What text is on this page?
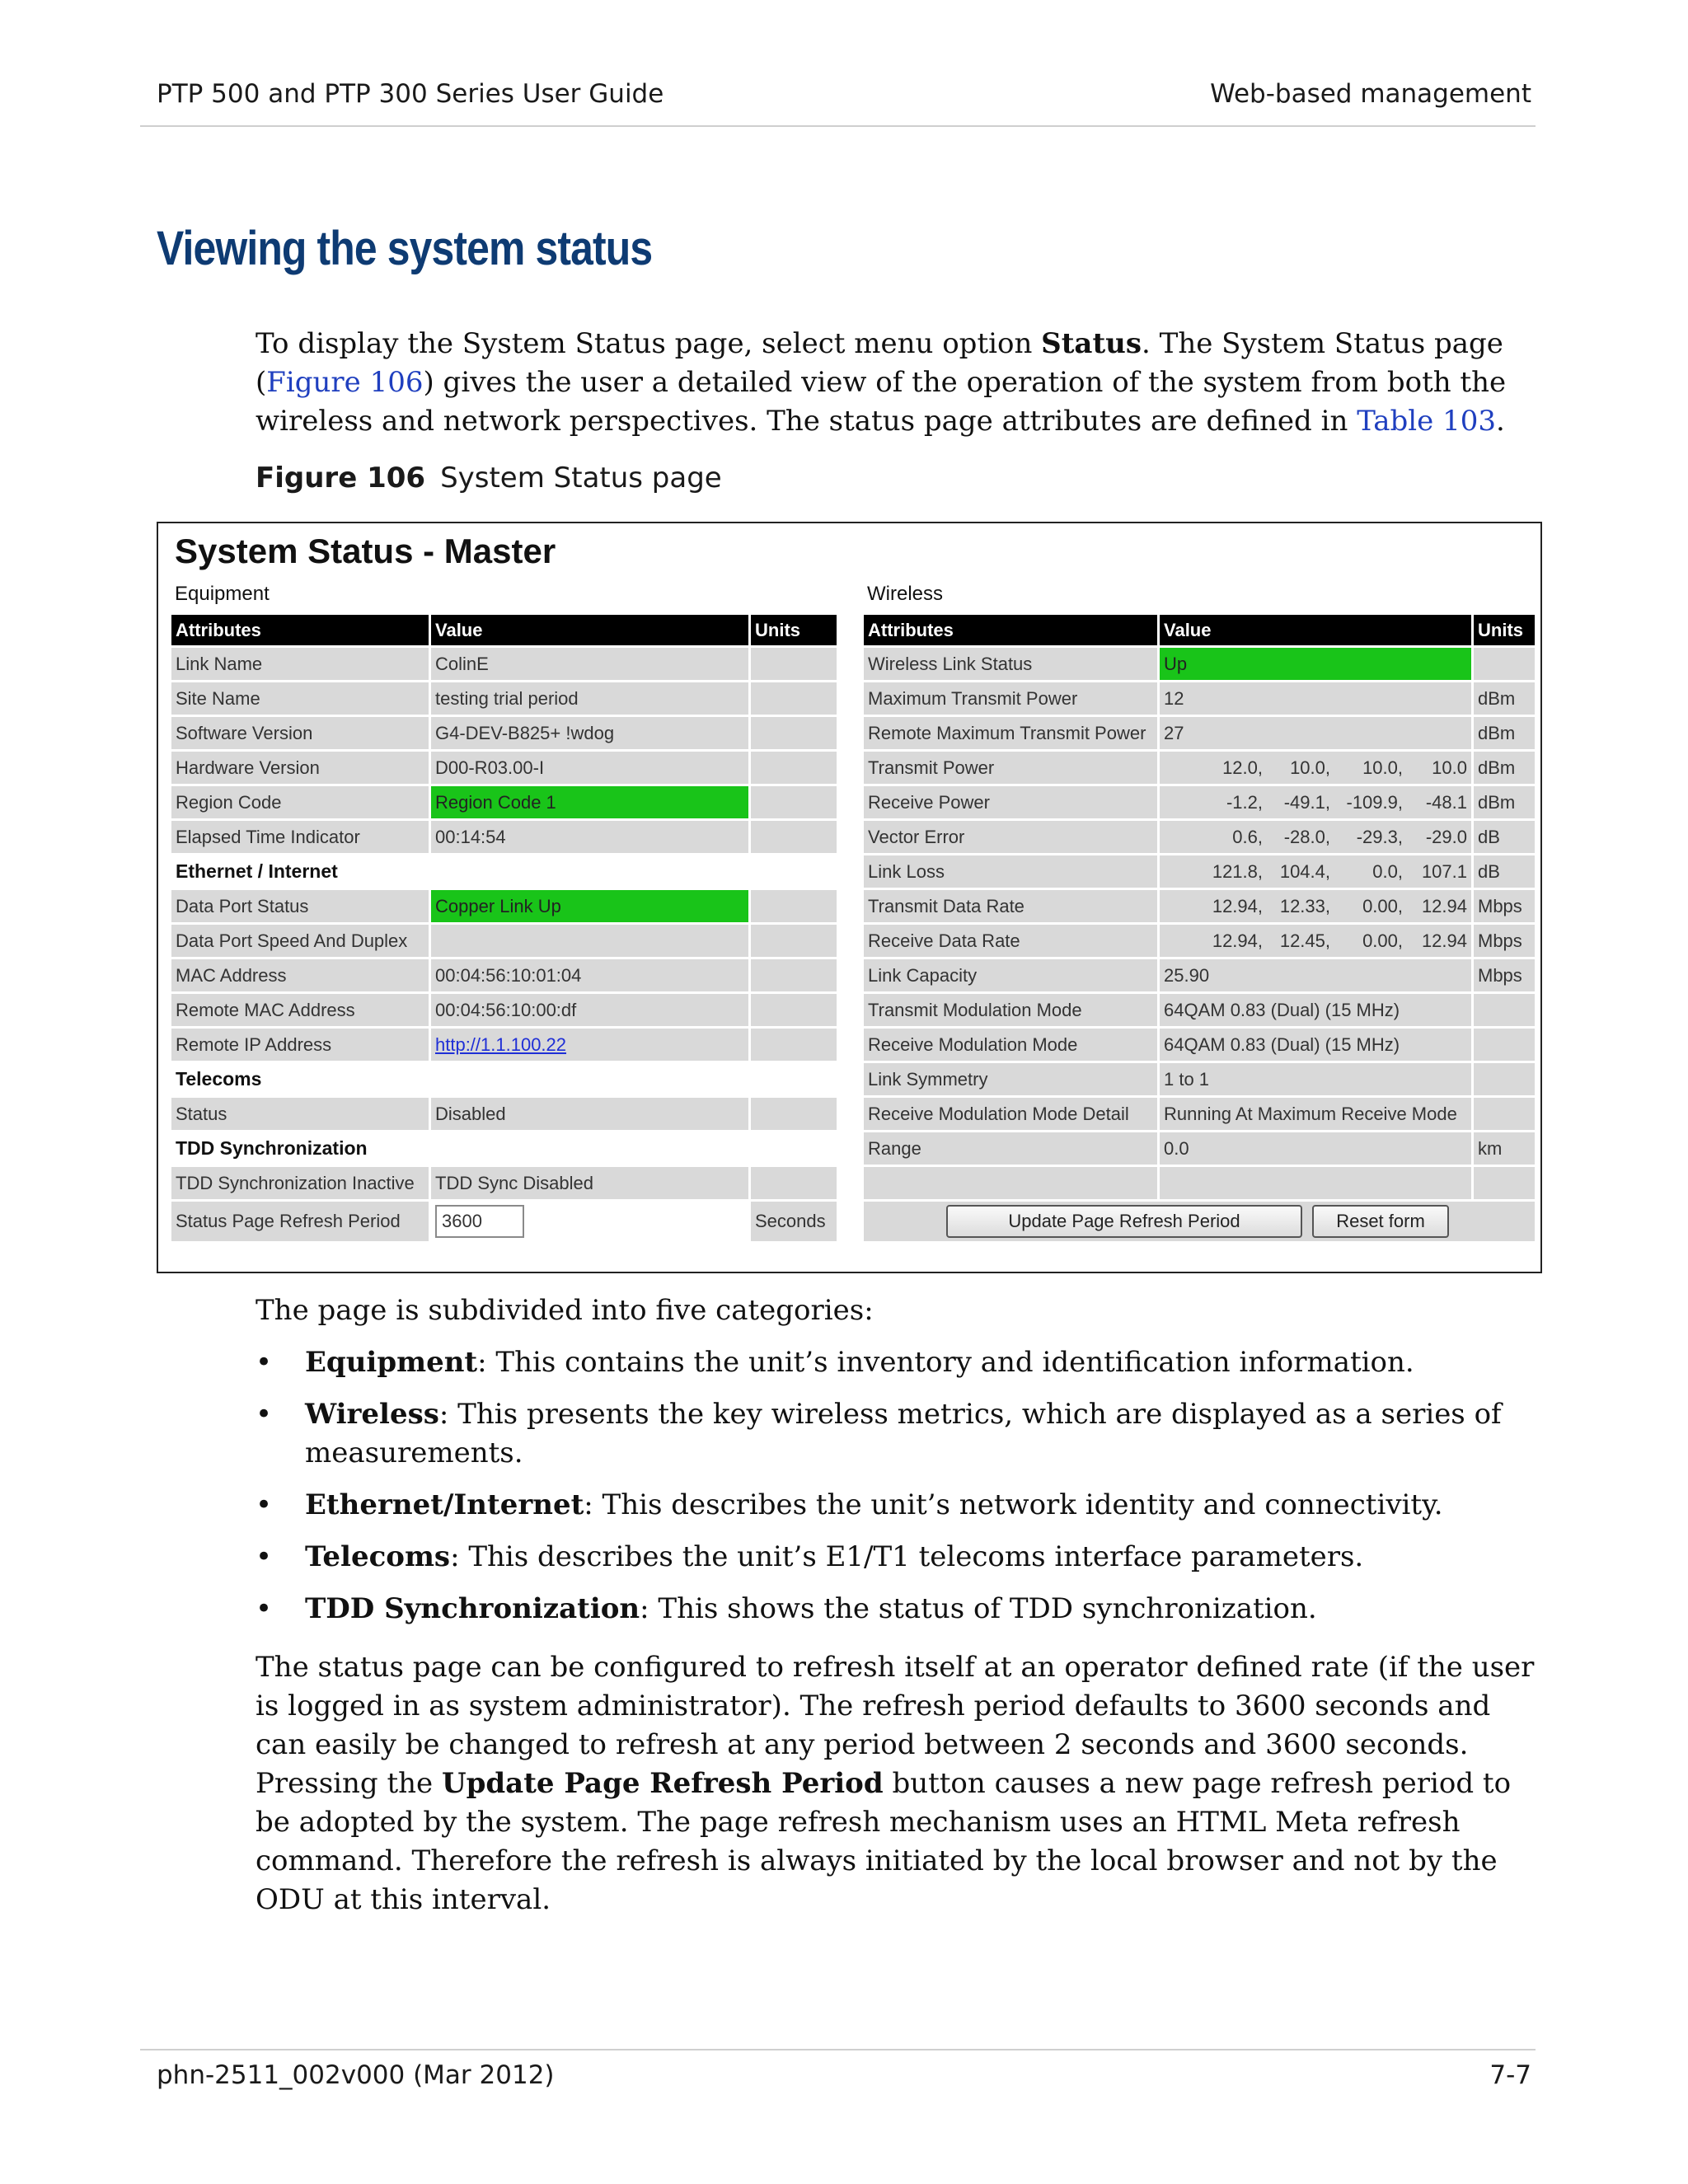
PTP 500 and PTP 300 Series User Guide	Web-based management
Viewing the system status

To display the System Status page, select menu option Status. The System Status page (Figure 106) gives the user a detailed view of the operation of the system from both the wireless and network perspectives. The status page attributes are defined in Table 103.

Figure 106 System Status page
System Status - Master
Equipment	Wireless
Attributes	Value	Units
Link Name	ColinE	
Site Name	testing trial period	
Software Version	G4-DEV-B825+ !wdog	
Hardware Version	D00-R03.00-I	
Region Code	Region Code 1	
Elapsed Time Indicator	00:14:54	
Ethernet / Internet		
Data Port Status	Copper Link Up	
Data Port Speed And Duplex		
MAC Address	00:04:56:10:01:04	
Remote MAC Address	00:04:56:10:00:df	
Remote IP Address	http://1.1.100.22	
Telecoms		
Status	Disabled	
TDD Synchronization		
TDD Synchronization Inactive	TDD Sync Disabled	
Status Page Refresh Period	3600	Seconds
Attributes	Value	Units
Wireless Link Status	Up	
Maximum Transmit Power	12	dBm
Remote Maximum Transmit Power	27	dBm
Transmit Power	12.0, 10.0, 10.0, 10.0	dBm
Receive Power	-1.2, -49.1, -109.9, -48.1	dBm
Vector Error	0.6, -28.0, -29.3, -29.0	dB
Link Loss	121.8, 104.4, 0.0, 107.1	dB
Transmit Data Rate	12.94, 12.33, 0.00, 12.94	Mbps
Receive Data Rate	12.94, 12.45, 0.00, 12.94	Mbps
Link Capacity	25.90	Mbps
Transmit Modulation Mode	64QAM 0.83 (Dual) (15 MHz)	
Receive Modulation Mode	64QAM 0.83 (Dual) (15 MHz)	
Link Symmetry	1 to 1	
Receive Modulation Mode Detail	Running At Maximum Receive Mode	
Range	0.0	km

Update Page Refresh Period Reset form		

The page is subdivided into five categories:

• Equipment: This contains the unit’s inventory and identification information.
• Wireless: This presents the key wireless metrics, which are displayed as a series of measurements.
• Ethernet/Internet: This describes the unit’s network identity and connectivity.
• Telecoms: This describes the unit’s E1/T1 telecoms interface parameters.
• TDD Synchronization: This shows the status of TDD synchronization.

The status page can be configured to refresh itself at an operator defined rate (if the user is logged in as system administrator). The refresh period defaults to 3600 seconds and can easily be changed to refresh at any period between 2 seconds and 3600 seconds. Pressing the Update Page Refresh Period button causes a new page refresh period to be adopted by the system. The page refresh mechanism uses an HTML Meta refresh command. Therefore the refresh is always initiated by the local browser and not by the ODU at this interval.

phn-2511_002v000 (Mar 2012)	7-7
